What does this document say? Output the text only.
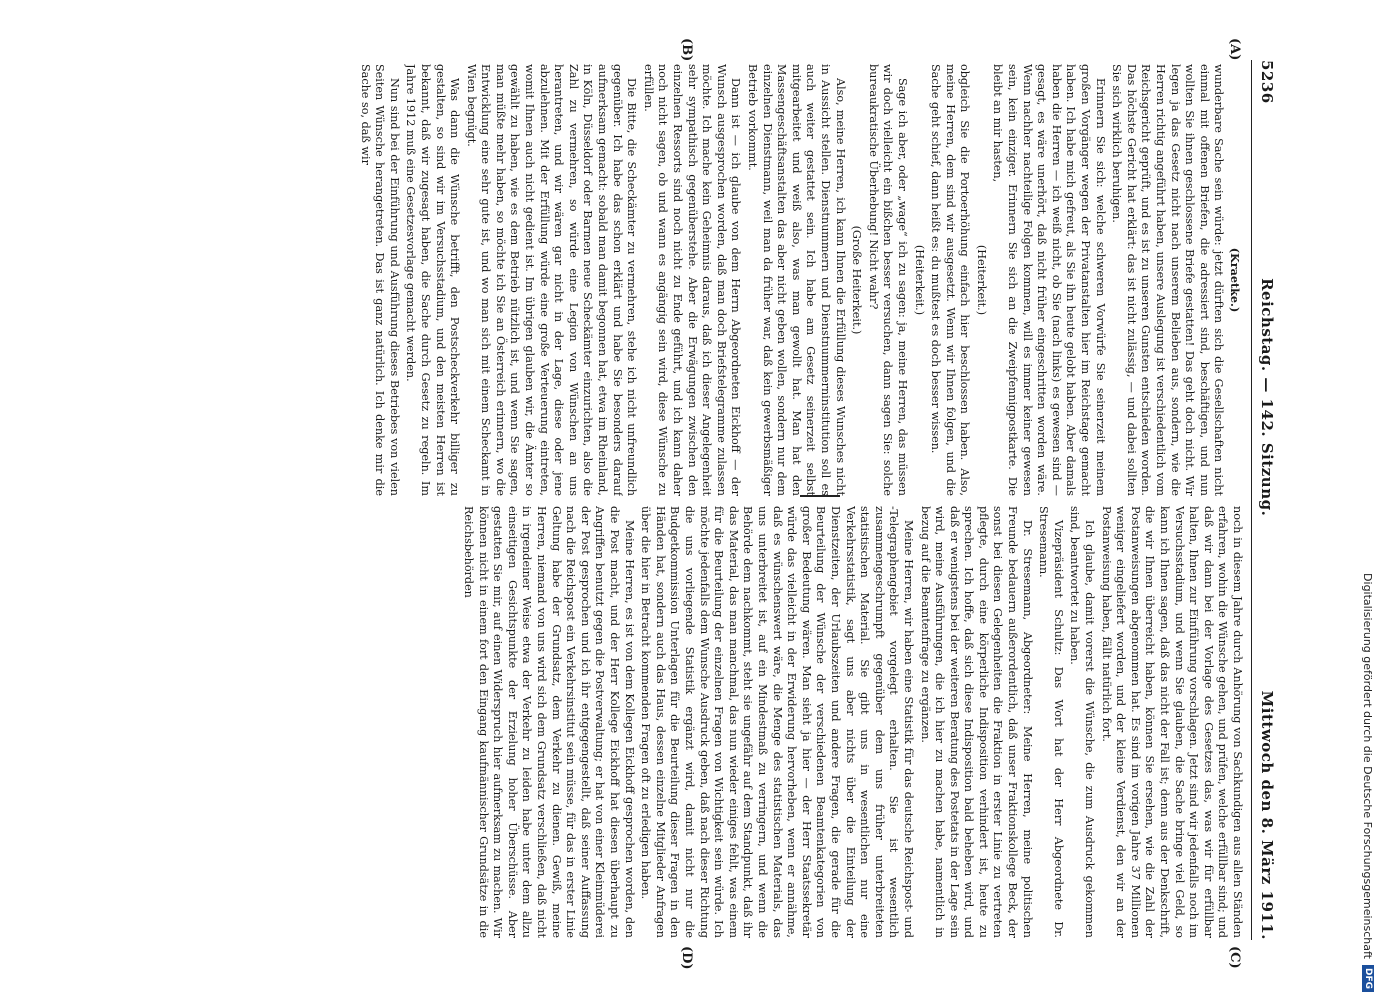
5236
Reichstag. — 142. Sitzung.
Mittwoch den 8. März 1911.
(A)
(B)
(C)
(D)

(Kraetke.)

wunderbare Sache sein würde: jetzt dürften sich die Gesellschaften nicht einmal mit offenen Briefen, die adressiert sind, beschäftigen, und nun wollten Sie ihnen geschlossene Briefe gestatten! Das geht doch nicht. Wir legen ja das Gesetz nicht nach unserem Belieben aus, sondern, wie die Herren richtig angeführt haben, unsere Auslegung ist verschiedentlich vom Reichsgericht geprüft, und es ist zu unseren Gunsten entschieden worden. Das höchste Gericht hat erklärt: das ist nicht zulässig, — und dabei sollten Sie sich wirklich beruhigen.

Erinnern Sie sich: welche schweren Vorwürfe Sie seinerzeit meinem großen Vorgänger wegen der Privatanstalten hier im Reichstage gemacht haben. Ich habe mich gefreut, als Sie ihn heute gelobt haben. Aber damals haben die Herren — ich weiß nicht, ob Sie (nach links) es gewesen sind — gesagt, es wäre unerhört, daß nicht früher eingeschritten worden wäre. Wenn nachher nachteilige Folgen kommen, will es immer keiner gewesen sein, kein einziger. Erinnern Sie sich an die Zweipfennigpostkarte. Die bleibt an mir hasten,

(Heiterkeit.)

obgleich Sie die Portoerhöhung einfach hier beschlossen haben. Also, meine Herren, dem sind wir ausgesetzt. Wenn wir Ihnen folgen, und die Sache geht schief, dann heißt es: du mußtest es doch besser wissen.

(Heiterkeit.)

Sage ich aber, oder „wage“ ich zu sagen: ja, meine Herren, das müssen wir doch vielleicht ein bißchen besser versuchen, dann sagen Sie: solche bureaukratische Überhebung! Nicht wahr?

(Große Heiterkeit.)

Also, meine Herren, ich kann Ihnen die Erfüllung dieses Wunsches nicht in Aussicht stellen. Dienstnummern und Dienstnummerninstitution soll es auch weiter gestattet sein. Ich habe am Gesetz seinerzeit selbst mitgearbeitet und weiß also, was man gewollt hat. Man hat den Massengeschäftsanstalten das aber nicht geben wollen, sondern nur dem einzelnen Dienstmann, weil man da früher war, daß kein gewerbsmäßiger Betrieb vorkommt.

Dann ist — ich glaube von dem Herrn Abgeordneten Eickhoff — der Wunsch ausgesprochen worden, daß man doch Briefstelegramme zulassen möchte. Ich mache kein Geheimnis daraus, daß ich dieser Angelegenheit sehr sympathisch gegenüberstehe. Aber die Erwägungen zwischen den einzelnen Ressorts sind noch nicht zu Ende geführt, und ich kann daher noch nicht sagen, ob und wann es angängig sein wird, diese Wünsche zu erfüllen.

Die Bitte, die Scheckämter zu vermehren, stehe ich nicht unfreundlich gegenüber. Ich habe das schon erklärt und habe Sie besonders darauf aufmerksam gemacht: sobald man damit begonnen hat, etwa im Rheinland, in Köln, Düsseldorf oder Barmen neue Scheckämter einzurichten, also die Zahl zu vermehren, so würde eine Legion von Wünschen an uns herantreten, und wir wären gar nicht in der Lage, diese oder jene abzulehnen. Mit der Erfüllung würde eine große Verteuerung eintreten, womit Ihnen auch nicht gedient ist. Im übrigen glauben wir, die Ämter so gewählt zu haben, wie es dem Betrieb nützlich ist, und wenn Sie sagen, man müßte mehr haben, so möchte ich Sie an Österreich erinnern, wo die Entwicklung eine sehr gute ist, und wo man sich mit einem Scheckamt in Wien begnügt.

Was dann die Wünsche betrifft, den Postscheckverkehr billiger zu gestalten, so sind wir im Versuchsstadium, und den meisten Herren ist bekannt, daß wir zugesagt haben, die Sache durch Gesetz zu regeln. Im Jahre 1912 muß eine Gesetzesvorlage gemacht werden.

Nun sind bei der Einführung und Ausführung dieses Betriebes von vielen Seiten Wünsche herangetreten. Das ist ganz natürlich. Ich denke mir die Sache so, daß wir

noch in diesem Jahre durch Anhörung von Sachkundigen aus allen Ständen erfahren, wohin die Wünsche gehen, und prüfen, welche erfüllbar sind; und daß wir dann bei der Vorlage des Gesetzes das, was wir für erfüllbar halten, Ihnen zur Einführung vorschlagen. Jetzt sind wir jedenfalls noch im Versuchsstadium, und wenn Sie glauben, die Sache bringe viel Geld, so kann ich Ihnen sagen, daß das nicht der Fall ist; denn aus der Denkschrift, die wir Ihnen überreicht haben, können Sie ersehen, wie die Zahl der Postanweisungen abgenommen hat. Es sind im vorigen Jahre 37 Millionen weniger eingeliefert worden, und der kleine Verdienst, den wir an der Postanweisung haben, fällt natürlich fort.

Ich glaube, damit vorerst die Wünsche, die zum Ausdruck gekommen sind, beantwortet zu haben.

Vizepräsident Schultz: Das Wort hat der Herr Abgeordnete Dr. Stresemann.

Dr. Stresemann, Abgeordneter: Meine Herren, meine politischen Freunde bedauern außerordentlich, daß unser Fraktionskollege Beck, der sonst bei diesen Gelegenheiten die Fraktion in erster Linie zu vertreten pflegte, durch eine körperliche Indisposition verhindert ist, heute zu sprechen. Ich hoffe, daß sich diese Indisposition bald beheben wird, und daß er wenigstens bei der weiteren Beratung des Postetats in der Lage sein wird, meine Ausführungen, die ich hier zu machen habe, namentlich in bezug auf die Beamtenfrage zu ergänzen.

Meine Herren, wir haben eine Statistik für das deutsche Reichspost- und -Telegraphengebiet vorgelegt erhalten. Sie ist wesentlich zusammengeschrumpft gegenüber dem uns früher unterbreiteten statistischen Material. Sie gibt uns in wesentlichen nur eine Verkehrsstatistik, sagt uns aber nichts über die Einteilung der Dienstzeiten, der Urlaubszeiten und andere Fragen, die gerade für die Beurteilung der Wünsche der verschiedenen Beamtenkategorien von großer Bedeutung wären. Man sieht ja hier — der Herr Staatssekretär würde das vielleicht in der Erwiderung hervorheben, wenn er annähme, daß es wünschenswert wäre, die Menge des statistischen Materials, das uns unterbreitet ist, auf ein Mindestmaß zu verringern, und wenn die Behörde dem nachkommt, steht sie ungefähr auf dem Standpunkt, daß ihr das Material, das man manchmal, das nun wieder einiges fehlt, was einem für die Beurteilung der einzelnen Fragen von Wichtigkeit sein würde. Ich möchte jedenfalls dem Wunsche Ausdruck geben, daß nach dieser Richtung die uns vorliegende Statistik ergänzt wird, damit nicht nur die Budgetkommission Unterlagen für die Beurteilung dieser Fragen in den Händen hat, sondern auch das Haus, dessen einzelne Mitglieder Anfragen über die hier in Betracht kommenden Fragen oft zu erledigen haben.

Meine Herren, es ist von dem Kollegen Eickhoff gesprochen worden, den die Post macht, und der Herr Kollege Eickhoff hat diesen überhaupt zu Angriffen benutzt gegen die Postverwaltung; er hat von einer Kleinmüderei der Post gesprochen und ich ihr entgegengestellt, daß seiner Auffassung nach die Reichspost ein Verkehrsinstitut sein müsse, für das in erster Linie Geltung habe der Grundsatz, dem Verkehr zu dienen. Gewiß, meine Herren, niemand von uns wird sich dem Grundsatz verschließen, daß nicht in irgendeiner Weise etwa der Verkehr zu leiden habe unter dem allzu einseitigen Gesichtspunkte der Erzielung hoher Überschüsse. Aber gestatten Sie mir, auf einen Widerspruch hier aufmerksam zu machen. Wir können nicht in einem fort den Eingang kaufmännischer Grundsätze in die Reichsbehörden

Digitalisierung gefördert durch die Deutsche Forschungsgemeinschaft
DFG
